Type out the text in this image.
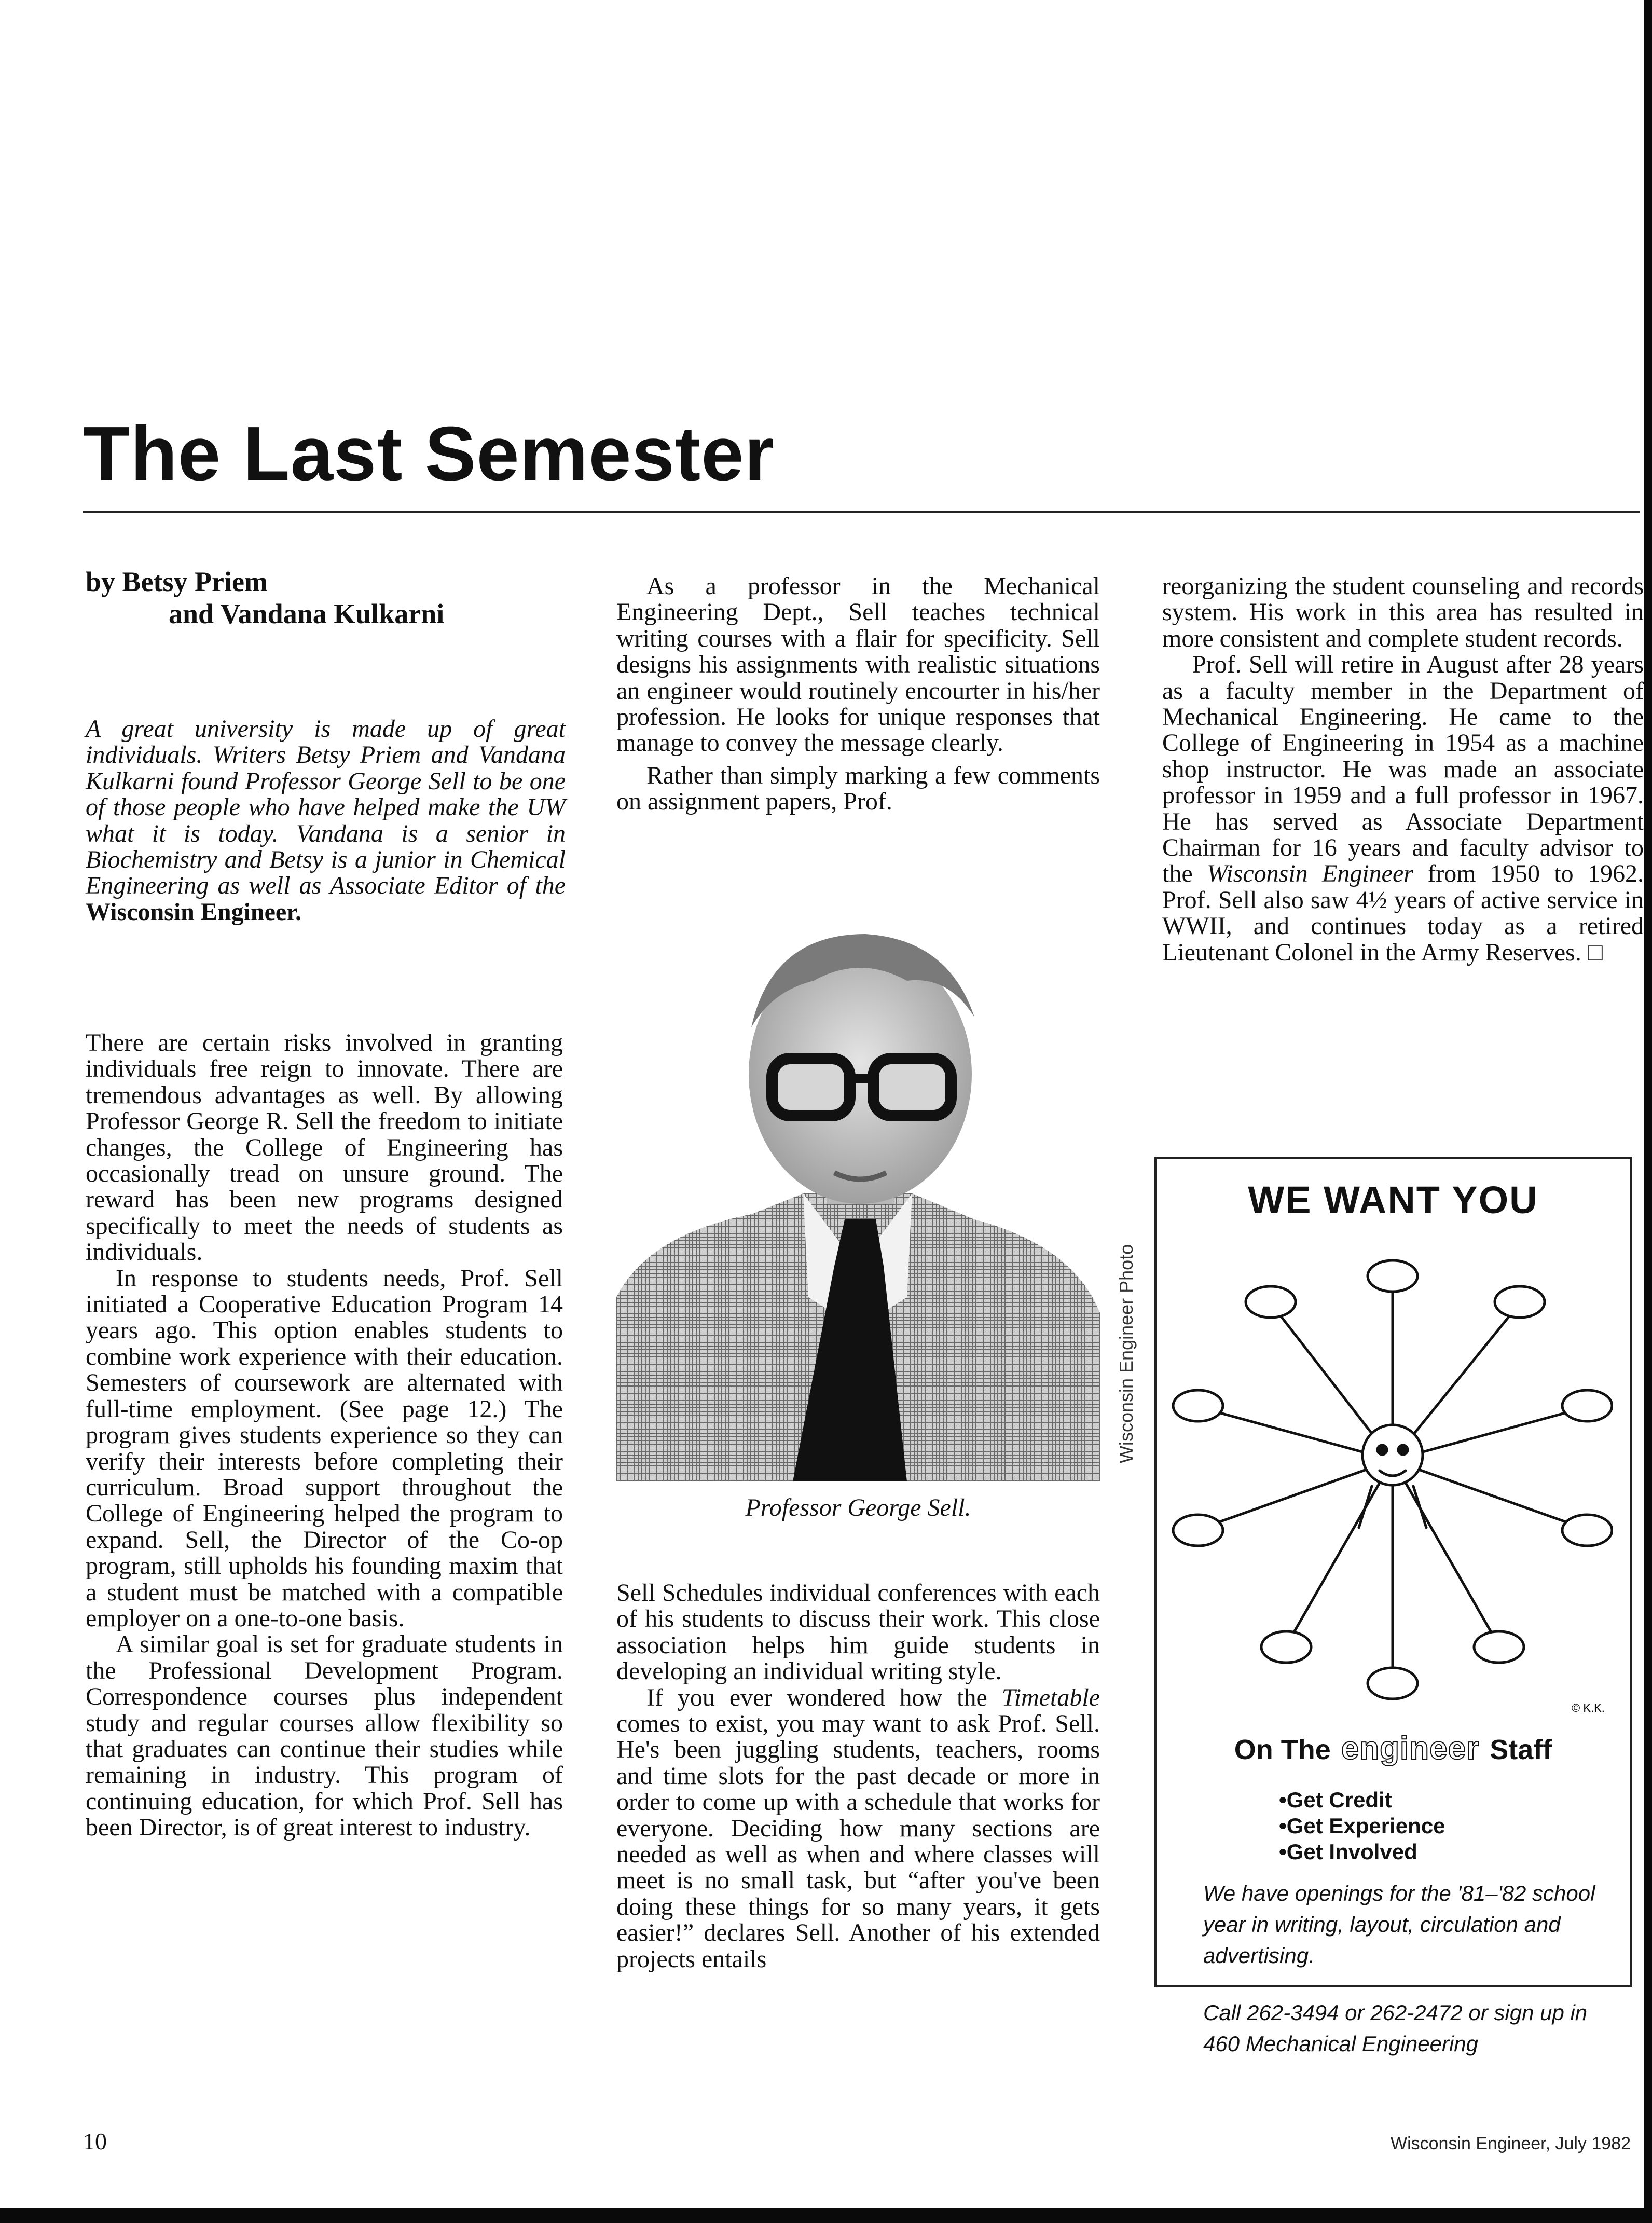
The Last Semester
by Betsy Priem
and Vandana Kulkarni

A great university is made up of great individuals. Writers Betsy Priem and Vandana Kulkarni found Professor George Sell to be one of those people who have helped make the UW what it is today. Vandana is a senior in Biochemistry and Betsy is a junior in Chemical Engineering as well as Associate Editor of the Wisconsin Engineer.

There are certain risks involved in granting individuals free reign to innovate. There are tremendous advantages as well. By allowing Professor George R. Sell the freedom to initiate changes, the College of Engineering has occasionally tread on unsure ground. The reward has been new programs designed specifically to meet the needs of students as individuals.

In response to students needs, Prof. Sell initiated a Cooperative Education Program 14 years ago. This option enables students to combine work experience with their education. Semesters of coursework are alternated with full-time employment. (See page 12.) The program gives students experience so they can verify their interests before completing their curriculum. Broad support throughout the College of Engineering helped the program to expand. Sell, the Director of the Co-op program, still upholds his founding maxim that a student must be matched with a compatible employer on a one-to-one basis.

A similar goal is set for graduate students in the Professional Development Program. Correspondence courses plus independent study and regular courses allow flexibility so that graduates can continue their studies while remaining in industry. This program of continuing education, for which Prof. Sell has been Director, is of great interest to industry.

As a professor in the Mechanical Engineering Dept., Sell teaches technical writing courses with a flair for specificity. Sell designs his assignments with realistic situations an engineer would routinely encourter in his/her profession. He looks for unique responses that manage to convey the message clearly.

Rather than simply marking a few comments on assignment papers, Prof.

Wisconsin Engineer Photo
Professor George Sell.

Sell Schedules individual conferences with each of his students to discuss their work. This close association helps him guide students in developing an individual writing style.

If you ever wondered how the Timetable comes to exist, you may want to ask Prof. Sell. He's been juggling students, teachers, rooms and time slots for the past decade or more in order to come up with a schedule that works for everyone. Deciding how many sections are needed as well as when and where classes will meet is no small task, but “after you've been doing these things for so many years, it gets easier!” declares Sell. Another of his extended projects entails

reorganizing the student counseling and records system. His work in this area has resulted in more consistent and complete student records.

Prof. Sell will retire in August after 28 years as a faculty member in the Department of Mechanical Engineering. He came to the College of Engineering in 1954 as a machine shop instructor. He was made an associate professor in 1959 and a full professor in 1967. He has served as Associate Department Chairman for 16 years and faculty advisor to the Wisconsin Engineer from 1950 to 1962. Prof. Sell also saw 4½ years of active service in WWII, and continues today as a retired Lieutenant Colonel in the Army Reserves. □

WE WANT YOU
© K.K.
On The engineer Staff
• Get Credit
• Get Experience
• Get Involved

We have openings for the '81–'82 school year in writing, layout, circulation and advertising.

Call 262-3494 or 262-2472 or sign up in 460 Mechanical Engineering

10	Wisconsin Engineer, July 1982
